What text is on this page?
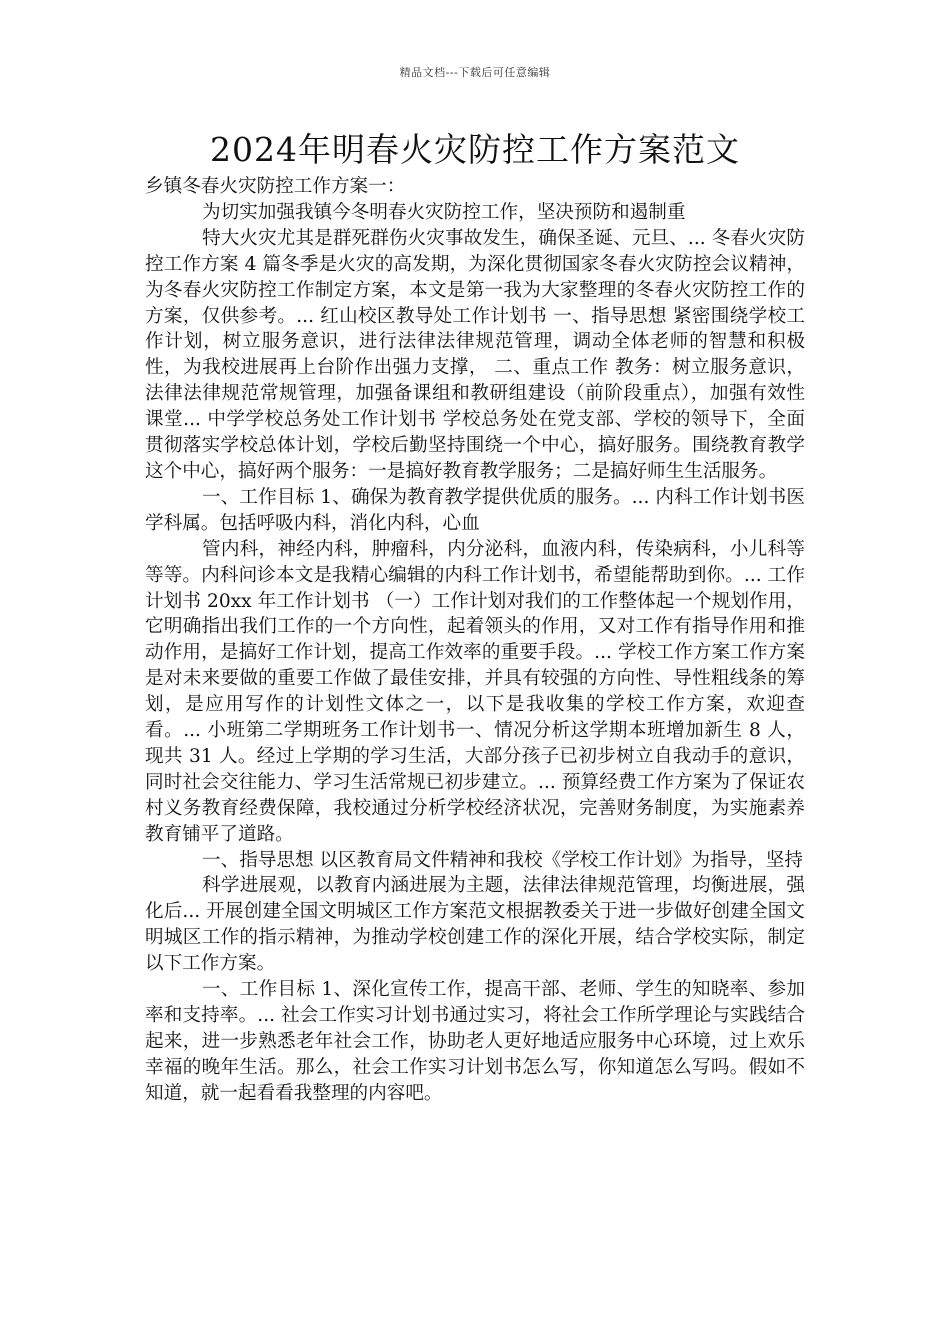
精品文档---下载后可任意编辑
2024年明春火灾防控工作方案范文

乡镇冬春火灾防控工作方案一：

为切实加强我镇今冬明春火灾防控工作，坚决预防和遏制重

特大火灾尤其是群死群伤火灾事故发生，确保圣诞、元旦、... 冬春火灾防控工作方案 4 篇冬季是火灾的高发期，为深化贯彻国家冬春火灾防控会议精神，为冬春火灾防控工作制定方案，本文是第一我为大家整理的冬春火灾防控工作的方案，仅供参考。... 红山校区教导处工作计划书 一、指导思想 紧密围绕学校工作计划，树立服务意识，进行法律法律规范管理，调动全体老师的智慧和积极性，为我校进展再上台阶作出强力支撑， 二、重点工作 教务：树立服务意识，法律法律规范常规管理，加强备课组和教研组建设（前阶段重点），加强有效性课堂... 中学学校总务处工作计划书 学校总务处在党支部、学校的领导下，全面贯彻落实学校总体计划，学校后勤坚持围绕一个中心，搞好服务。围绕教育教学这个中心，搞好两个服务：一是搞好教育教学服务；二是搞好师生生活服务。

一、工作目标 1、确保为教育教学提供优质的服务。... 内科工作计划书医学科属。包括呼吸内科，消化内科，心血

管内科，神经内科，肿瘤科，内分泌科，血液内科，传染病科，小儿科等等等。内科问诊本文是我精心编辑的内科工作计划书，希望能帮助到你。... 工作计划书 20xx 年工作计划书 （一）工作计划对我们的工作整体起一个规划作用，它明确指出我们工作的一个方向性，起着领头的作用，又对工作有指导作用和推动作用，是搞好工作计划，提高工作效率的重要手段。... 学校工作方案工作方案是对未来要做的重要工作做了最佳安排，并具有较强的方向性、导性粗线条的筹划，是应用写作的计划性文体之一，以下是我收集的学校工作方案，欢迎查看。... 小班第二学期班务工作计划书一、情况分析这学期本班增加新生 8 人，现共 31 人。经过上学期的学习生活，大部分孩子已初步树立自我动手的意识，同时社会交往能力、学习生活常规已初步建立。... 预算经费工作方案为了保证农村义务教育经费保障，我校通过分析学校经济状况，完善财务制度，为实施素养教育铺平了道路。

一、指导思想 以区教育局文件精神和我校《学校工作计划》为指导，坚持

科学进展观，以教育内涵进展为主题，法律法律规范管理，均衡进展，强化后... 开展创建全国文明城区工作方案范文根据教委关于进一步做好创建全国文明城区工作的指示精神，为推动学校创建工作的深化开展，结合学校实际，制定以下工作方案。

一、工作目标 1、深化宣传工作，提高干部、老师、学生的知晓率、参加率和支持率。... 社会工作实习计划书通过实习，将社会工作所学理论与实践结合起来，进一步熟悉老年社会工作，协助老人更好地适应服务中心环境，过上欢乐幸福的晚年生活。那么，社会工作实习计划书怎么写，你知道怎么写吗。假如不知道，就一起看看我整理的内容吧。
